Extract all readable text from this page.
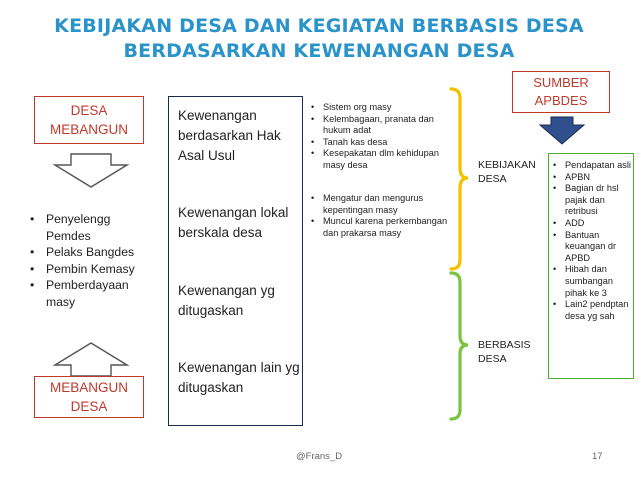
KEBIJAKAN DESA DAN KEGIATAN BERBASIS DESA
BERDASARKAN KEWENANGAN DESA
DESA
MEBANGUN
• Penyelengg Pemdes
• Pelaks Bangdes
• Pembin Kemasy
• Pemberdayaan masy
MEBANGUN
DESA
Kewenangan berdasarkan Hak Asal Usul
Kewenangan lokal berskala desa
Kewenangan yg ditugaskan
Kewenangan lain yg ditugaskan
• Sistem org masy
• Kelembagaan, pranata dan hukum adat
• Tanah kas desa
• Kesepakatan dlm kehidupan masy desa
• Mengatur dan mengurus kepentingan masy
• Muncul karena perkembangan dan prakarsa masy
KEBIJAKAN
DESA
BERBASIS
DESA
SUMBER
APBDES
• Pendapatan asli
• APBN
• Bagian dr hsl pajak dan retribusi
• ADD
• Bantuan keuangan dr APBD
• Hibah dan sumbangan pihak ke 3
• Lain2 pendptan desa yg sah
@Frans_D	17
